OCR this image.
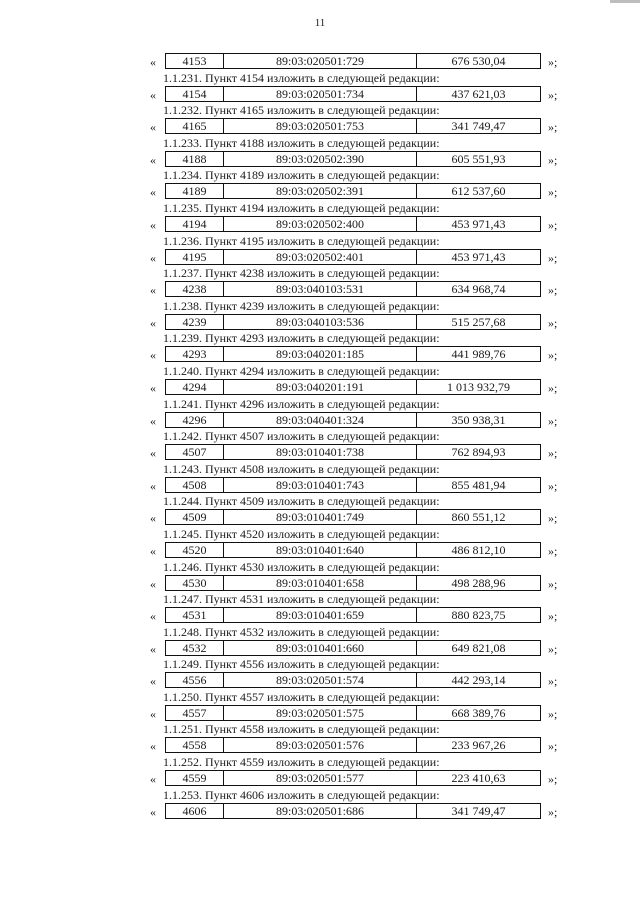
11
«	4153	89:03:020501:729	676 530,04	»;
1.1.231. Пункт 4154 изложить в следующей редакции:
«	4154	89:03:020501:734	437 621,03	»;
1.1.232. Пункт 4165 изложить в следующей редакции:
«	4165	89:03:020501:753	341 749,47	»;
1.1.233. Пункт 4188 изложить в следующей редакции:
«	4188	89:03:020502:390	605 551,93	»;
1.1.234. Пункт 4189 изложить в следующей редакции:
«	4189	89:03:020502:391	612 537,60	»;
1.1.235. Пункт 4194 изложить в следующей редакции:
«	4194	89:03:020502:400	453 971,43	»;
1.1.236. Пункт 4195 изложить в следующей редакции:
«	4195	89:03:020502:401	453 971,43	»;
1.1.237. Пункт 4238 изложить в следующей редакции:
«	4238	89:03:040103:531	634 968,74	»;
1.1.238. Пункт 4239 изложить в следующей редакции:
«	4239	89:03:040103:536	515 257,68	»;
1.1.239. Пункт 4293 изложить в следующей редакции:
«	4293	89:03:040201:185	441 989,76	»;
1.1.240. Пункт 4294 изложить в следующей редакции:
«	4294	89:03:040201:191	1 013 932,79	»;
1.1.241. Пункт 4296 изложить в следующей редакции:
«	4296	89:03:040401:324	350 938,31	»;
1.1.242. Пункт 4507 изложить в следующей редакции:
«	4507	89:03:010401:738	762 894,93	»;
1.1.243. Пункт 4508 изложить в следующей редакции:
«	4508	89:03:010401:743	855 481,94	»;
1.1.244. Пункт 4509 изложить в следующей редакции:
«	4509	89:03:010401:749	860 551,12	»;
1.1.245. Пункт 4520 изложить в следующей редакции:
«	4520	89:03:010401:640	486 812,10	»;
1.1.246. Пункт 4530 изложить в следующей редакции:
«	4530	89:03:010401:658	498 288,96	»;
1.1.247. Пункт 4531 изложить в следующей редакции:
«	4531	89:03:010401:659	880 823,75	»;
1.1.248. Пункт 4532 изложить в следующей редакции:
«	4532	89:03:010401:660	649 821,08	»;
1.1.249. Пункт 4556 изложить в следующей редакции:
«	4556	89:03:020501:574	442 293,14	»;
1.1.250. Пункт 4557 изложить в следующей редакции:
«	4557	89:03:020501:575	668 389,76	»;
1.1.251. Пункт 4558 изложить в следующей редакции:
«	4558	89:03:020501:576	233 967,26	»;
1.1.252. Пункт 4559 изложить в следующей редакции:
«	4559	89:03:020501:577	223 410,63	»;
1.1.253. Пункт 4606 изложить в следующей редакции:
«	4606	89:03:020501:686	341 749,47	»;
